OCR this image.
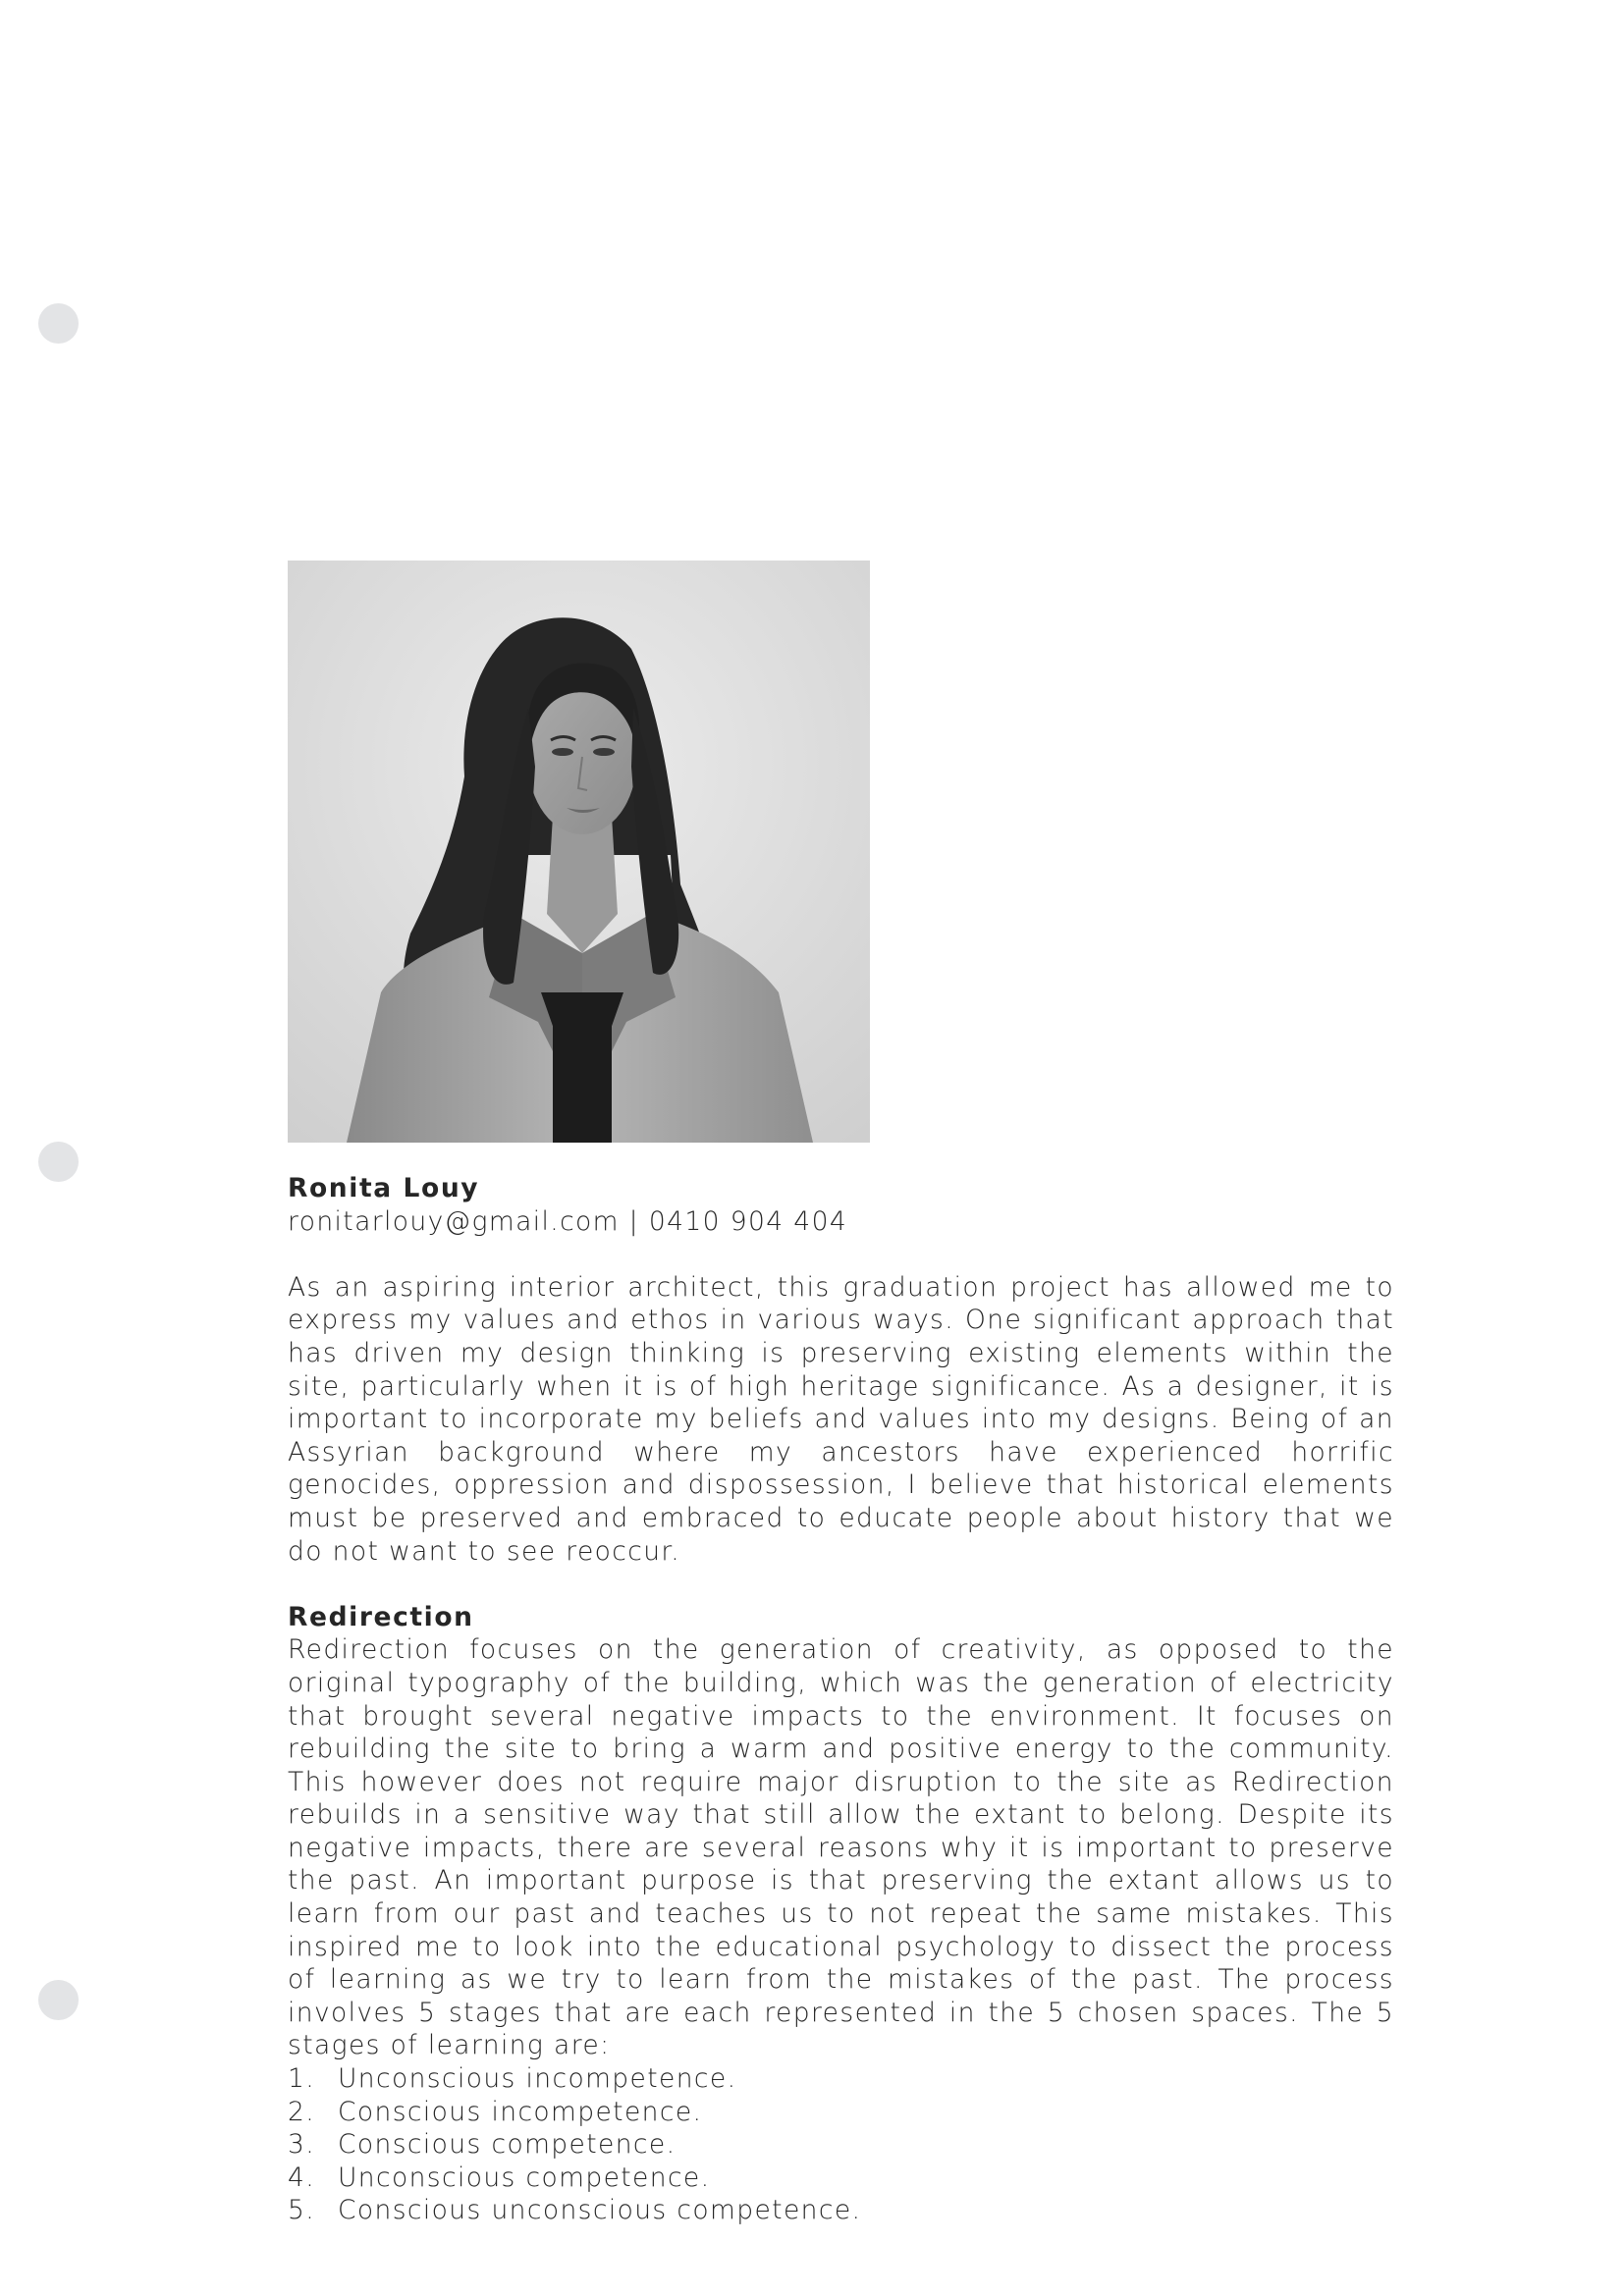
Ronita Louy
ronitarlouy@gmail.com | 0410 904 404
As an aspiring interior architect, this graduation project has allowed me to express my values and ethos in various ways. One significant approach that has driven my design thinking is preserving existing elements within the site, particularly when it is of high heritage significance. As a designer, it is important to incorporate my beliefs and values into my designs. Being of an Assyrian background where my ancestors have experienced horrific genocides, oppression and dispossession, I believe that historical elements must be preserved and embraced to educate people about history that we do not want to see reoccur.
Redirection
Redirection focuses on the generation of creativity, as opposed to the original typography of the building, which was the generation of electricity that brought several negative impacts to the environment. It focuses on rebuilding the site to bring a warm and positive energy to the community. This however does not require major disruption to the site as Redirection rebuilds in a sensitive way that still allow the extant to belong. Despite its negative impacts, there are several reasons why it is important to preserve the past. An important purpose is that preserving the extant allows us to learn from our past and teaches us to not repeat the same mistakes. This inspired me to look into the educational psychology to dissect the process of learning as we try to learn from the mistakes of the past. The process involves 5 stages that are each represented in the 5 chosen spaces. The 5 stages of learning are:
1. Unconscious incompetence.
2. Conscious incompetence.
3. Conscious competence.
4. Unconscious competence.
5. Conscious unconscious competence.
